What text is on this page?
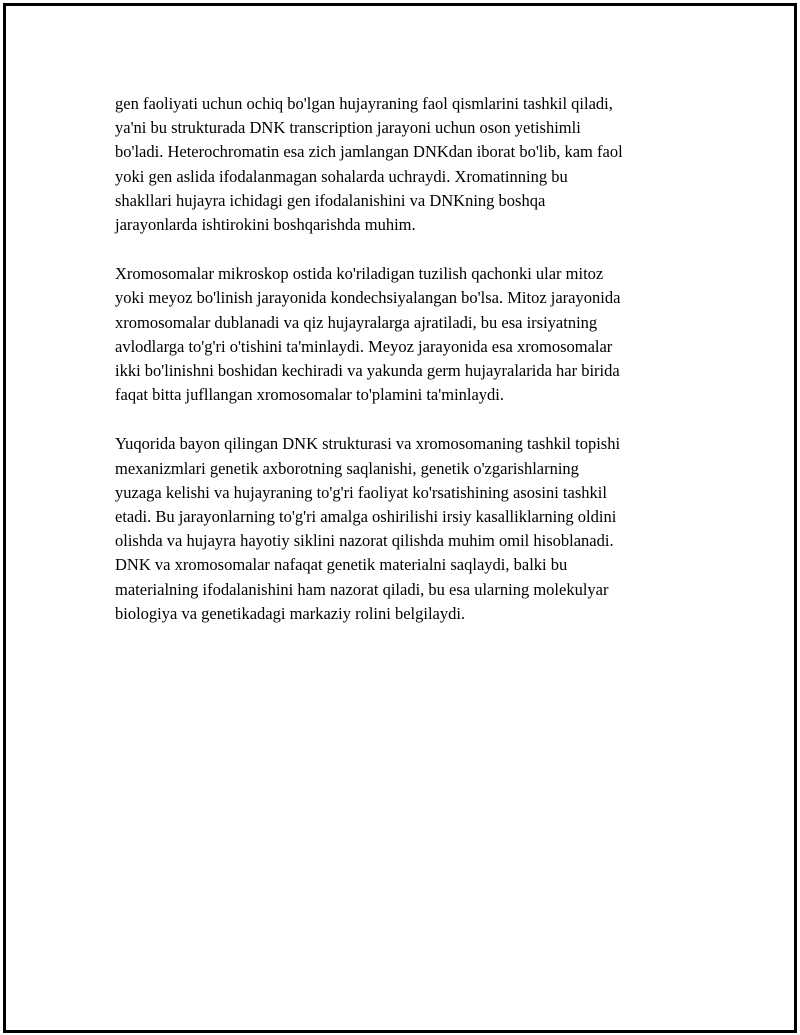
gen faoliyati uchun ochiq bo'lgan hujayraning faol qismlarini tashkil qiladi,
ya'ni bu strukturada DNK transcription jarayoni uchun oson yetishimli
bo'ladi. Heterochromatin esa zich jamlangan DNKdan iborat bo'lib, kam faol
yoki gen aslida ifodalanmagan sohalarda uchraydi. Xromatinning bu
shakllari hujayra ichidagi gen ifodalanishini va DNKning boshqa
jarayonlarda ishtirokini boshqarishda muhim.

Xromosomalar mikroskop ostida ko'riladigan tuzilish qachonki ular mitoz
yoki meyoz bo'linish jarayonida kondechsiyalangan bo'lsa. Mitoz jarayonida
xromosomalar dublanadi va qiz hujayralarga ajratiladi, bu esa irsiyatning
avlodlarga to'g'ri o'tishini ta'minlaydi. Meyoz jarayonida esa xromosomalar
ikki bo'linishni boshidan kechiradi va yakunda germ hujayralarida har birida
faqat bitta jufllangan xromosomalar to'plamini ta'minlaydi.

Yuqorida bayon qilingan DNK strukturasi va xromosomaning tashkil topishi
mexanizmlari genetik axborotning saqlanishi, genetik o'zgarishlarning
yuzaga kelishi va hujayraning to'g'ri faoliyat ko'rsatishining asosini tashkil
etadi. Bu jarayonlarning to'g'ri amalga oshirilishi irsiy kasalliklarning oldini
olishda va hujayra hayotiy siklini nazorat qilishda muhim omil hisoblanadi.
DNK va xromosomalar nafaqat genetik materialni saqlaydi, balki bu
materialning ifodalanishini ham nazorat qiladi, bu esa ularning molekulyar
biologiya va genetikadagi markaziy rolini belgilaydi.
